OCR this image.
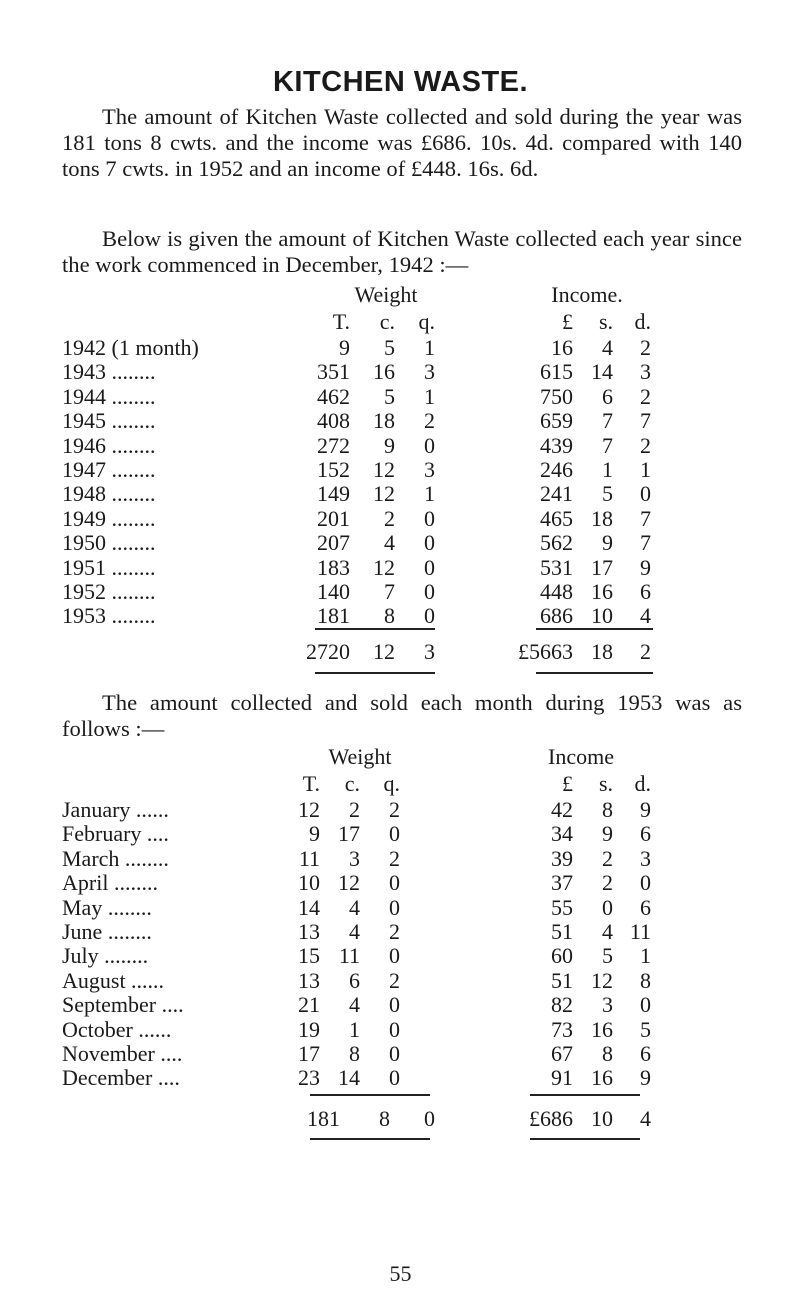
KITCHEN WASTE.
The amount of Kitchen Waste collected and sold during the year was 181 tons 8 cwts. and the income was £686. 10s. 4d. compared with 140 tons 7 cwts. in 1952 and an income of £448. 16s. 6d.
Below is given the amount of Kitchen Waste collected each year since the work commenced in December, 1942 :—
Weight	Income.
T.	c.	q.	£	s. d.
1942 (1 month)	9	5	1	16	4	2
1943 ........	351	16	3	615 14	3
1944 ........	462	5	1	750	6	2
1945 ........	408	18	2	659	7	7
1946 ........	272	9	0	439	7	2
1947 ........	152	12	3	246	1	1
1948 ........	149	12	1	241	5	0
1949 ........	201	2	0	465 18	7
1950 ........	207	4	0	562	9	7
1951 ........	183	12	0	531 17	9
1952 ........	140	7	0	448 16	6
1953 ........	181	8	0	686 10	4
2720	12	3	£5663 18	2
The amount collected and sold each month during 1953 was as follows :—
Weight	Income
T.	c.	q.	£	s. d.
January ......	12	2	2	42	8	9
February ....	9 17	0	34	9	6
March ........	11	3	2	39	2	3
April ........	10 12	0	37	2	0
May ........	14	4	0	55	0	6
June ........	13	4	2	51	4 11
July ........	15 11	0	60	5	1
August ......	13	6	2	51 12	8
September ....	21	4	0	82	3	0
October ......	19	1	0	73 16	5
November ....	17	8	0	67	8	6
December ....	23 14	0	91 16	9
181	8	0	£686 10	4
55
